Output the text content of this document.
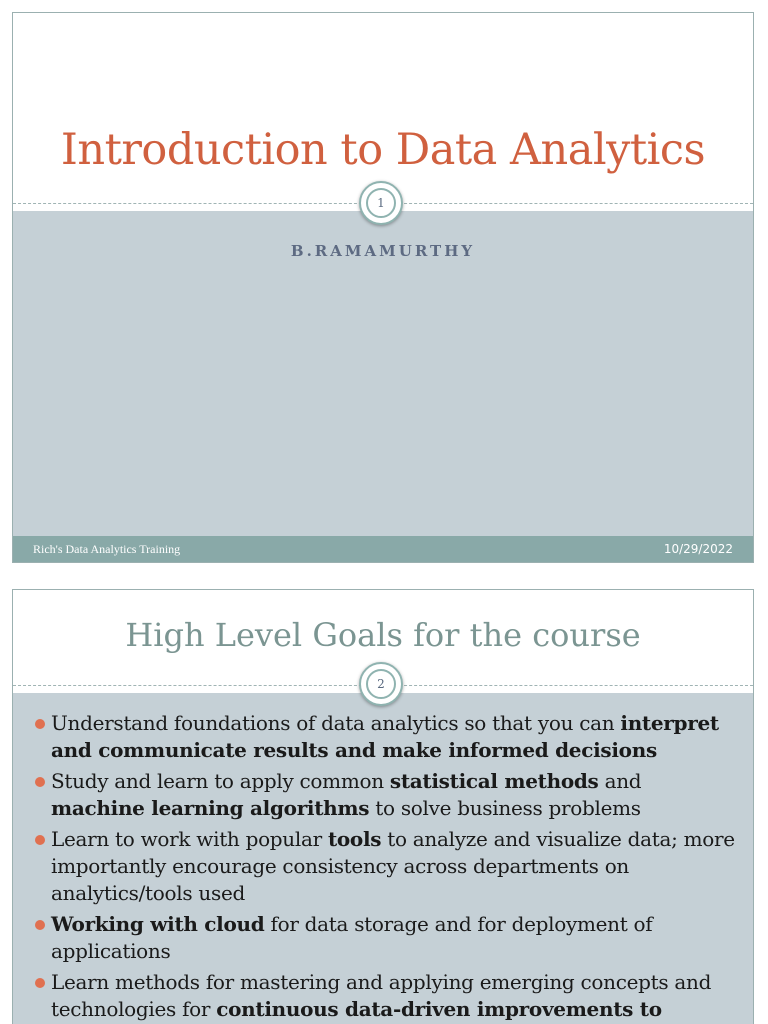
Introduction to Data Analytics
1
B.RAMAMURTHY
Rich's Data Analytics Training	10/29/2022
High Level Goals for the course
2
Understand foundations of data analytics so that you can interpret and communicate results and make informed decisions
Study and learn to apply common statistical methods and machine learning algorithms to solve business problems
Learn to work with popular tools to analyze and visualize data; more importantly encourage consistency across departments on analytics/tools used
Working with cloud for data storage and for deployment of applications
Learn methods for mastering and applying emerging concepts and technologies for continuous data-driven improvements to
